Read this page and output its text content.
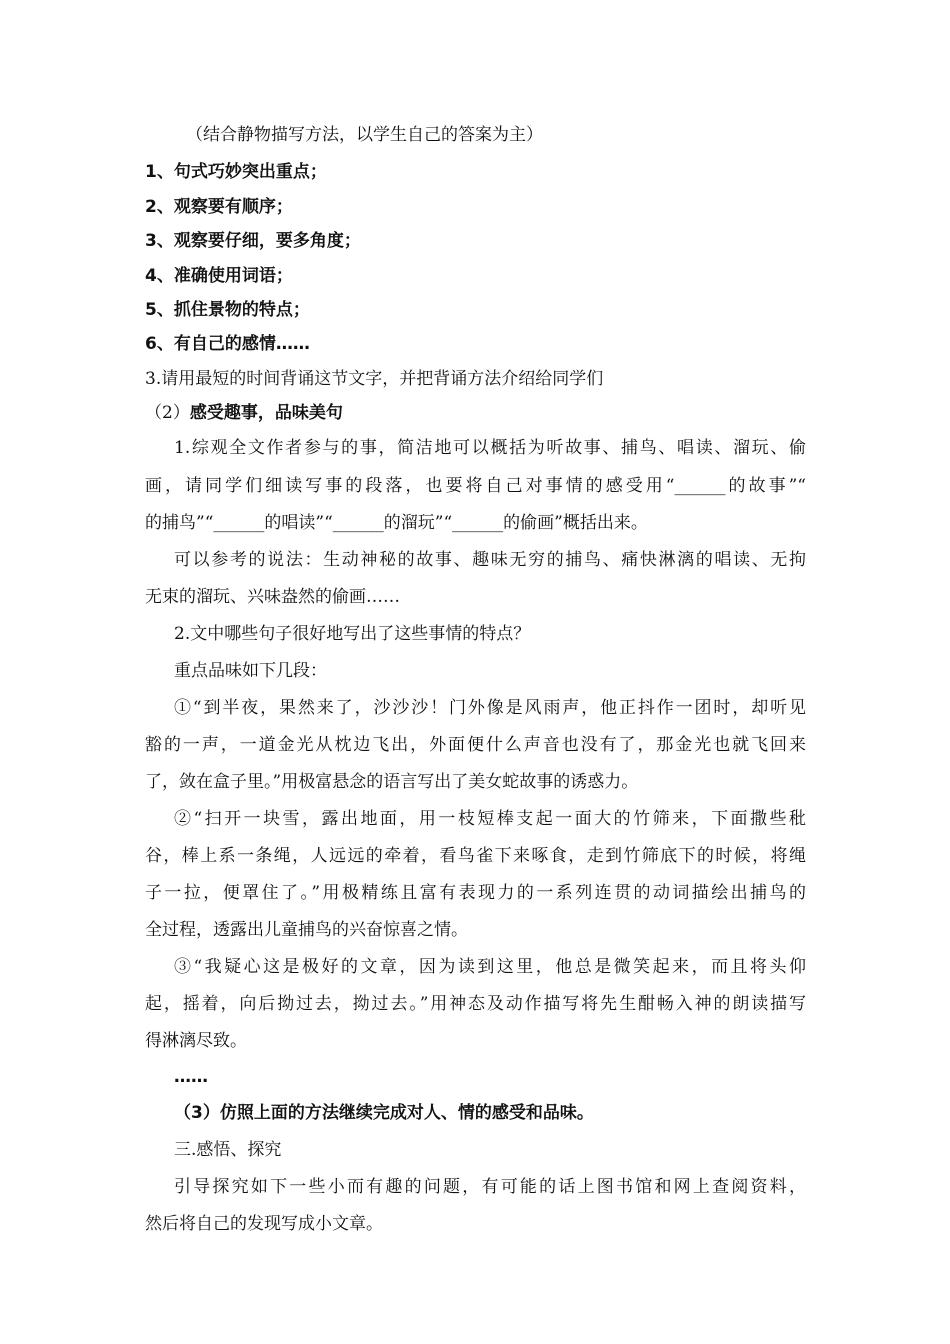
（结合静物描写方法，以学生自己的答案为主）
1、句式巧妙突出重点；
2、观察要有顺序；
3、观察要仔细，要多角度；
4、准确使用词语；
5、抓住景物的特点；
6、有自己的感情……
3.请用最短的时间背诵这节文字，并把背诵方法介绍给同学们
（2）感受趣事，品味美句
1.综观全文作者参与的事，简洁地可以概括为听故事、捕鸟、唱读、溜玩、偷
画，请同学们细读写事的段落，也要将自己对事情的感受用“______的故事”“
的捕鸟”“______的唱读”“______的溜玩”“______的偷画”概括出来。
可以参考的说法：生动神秘的故事、趣味无穷的捕鸟、痛快淋漓的唱读、无拘
无束的溜玩、兴味盎然的偷画……
2.文中哪些句子很好地写出了这些事情的特点？
重点品味如下几段：
①“到半夜，果然来了，沙沙沙！门外像是风雨声，他正抖作一团时，却听见
豁的一声，一道金光从枕边飞出，外面便什么声音也没有了，那金光也就飞回来
了，敛在盒子里。”用极富悬念的语言写出了美女蛇故事的诱惑力。
②“扫开一块雪，露出地面，用一枝短棒支起一面大的竹筛来，下面撒些秕
谷，棒上系一条绳，人远远的牵着，看鸟雀下来啄食，走到竹筛底下的时候，将绳
子一拉，便罩住了。”用极精练且富有表现力的一系列连贯的动词描绘出捕鸟的
全过程，透露出儿童捕鸟的兴奋惊喜之情。
③“我疑心这是极好的文章，因为读到这里，他总是微笑起来，而且将头仰
起，摇着，向后拗过去，拗过去。”用神态及动作描写将先生酣畅入神的朗读描写
得淋漓尽致。
……
（3）仿照上面的方法继续完成对人、情的感受和品味。
三.感悟、探究
引导探究如下一些小而有趣的问题，有可能的话上图书馆和网上查阅资料，
然后将自己的发现写成小文章。
